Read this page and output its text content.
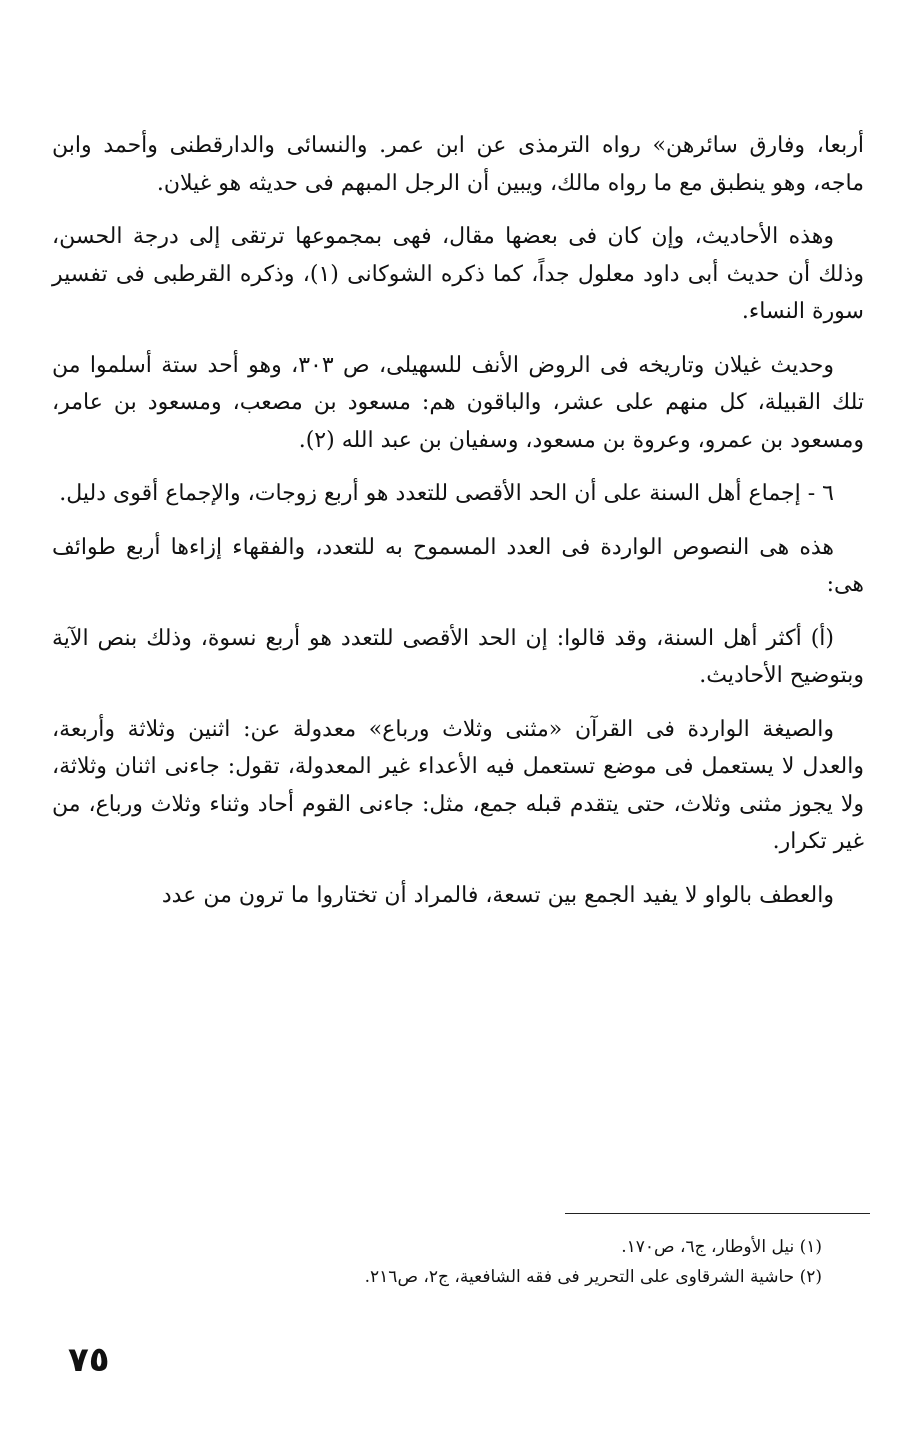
أربعا، وفارق سائرهن» رواه الترمذى عن ابن عمر. والنسائى والدارقطنى وأحمد وابن ماجه، وهو ينطبق مع ما رواه مالك، ويبين أن الرجل المبهم فى حديثه هو غيلان.

وهذه الأحاديث، وإن كان فى بعضها مقال، فهى بمجموعها ترتقى إلى درجة الحسن، وذلك أن حديث أبى داود معلول جداً، كما ذكره الشوكانى (١)، وذكره القرطبى فى تفسير سورة النساء.

وحديث غيلان وتاريخه فى الروض الأنف للسهيلى، ص ٣٠٣، وهو أحد ستة أسلموا من تلك القبيلة، كل منهم على عشر، والباقون هم: مسعود بن مصعب، ومسعود بن عامر، ومسعود بن عمرو، وعروة بن مسعود، وسفيان بن عبد الله (٢).

٦ - إجماع أهل السنة على أن الحد الأقصى للتعدد هو أربع زوجات، والإجماع أقوى دليل.

هذه هى النصوص الواردة فى العدد المسموح به للتعدد، والفقهاء إزاءها أربع طوائف هى:

(أ) أكثر أهل السنة، وقد قالوا: إن الحد الأقصى للتعدد هو أربع نسوة، وذلك بنص الآية وبتوضيح الأحاديث.

والصيغة الواردة فى القرآن «مثنى وثلاث ورباع» معدولة عن: اثنين وثلاثة وأربعة، والعدل لا يستعمل فى موضع تستعمل فيه الأعداء غير المعدولة، تقول: جاءنى اثنان وثلاثة، ولا يجوز مثنى وثلاث، حتى يتقدم قبله جمع، مثل: جاءنى القوم أحاد وثناء وثلاث ورباع، من غير تكرار.

والعطف بالواو لا يفيد الجمع بين تسعة، فالمراد أن تختاروا ما ترون من عدد

(١) نيل الأوطار، ج٦، ص١٧٠.

(٢) حاشية الشرقاوى على التحرير فى فقه الشافعية، ج٢، ص٢١٦.

٧٥
